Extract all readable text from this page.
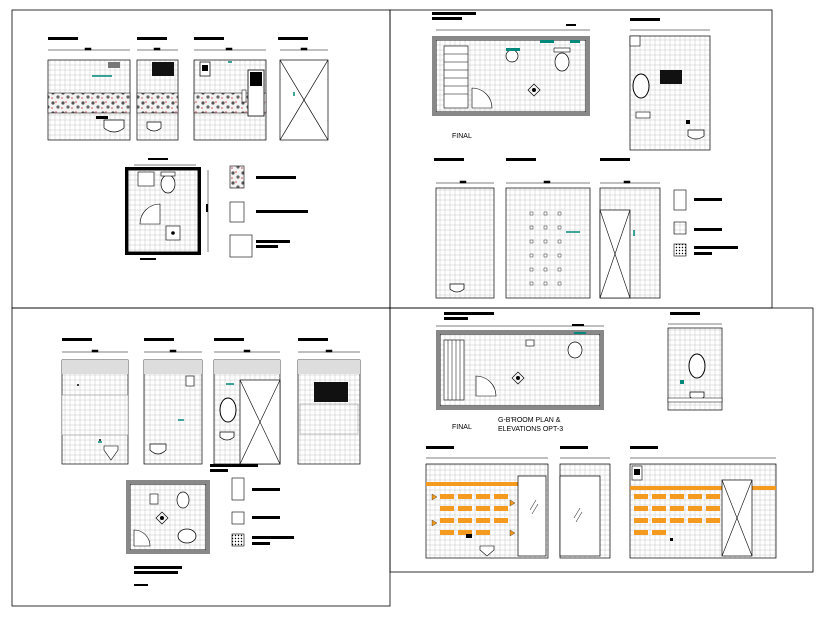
FINAL
FINAL
G-B'ROOM PLAN &
ELEVATIONS OPT-3
